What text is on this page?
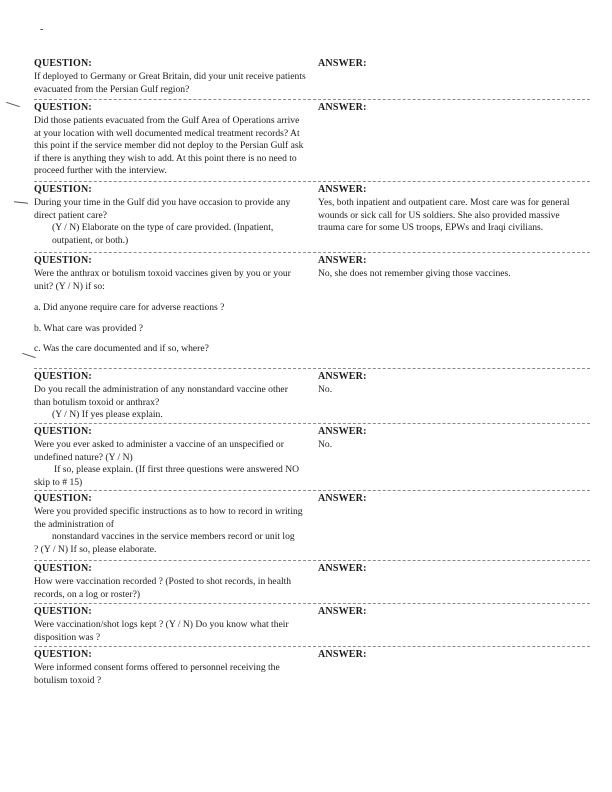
-
QUESTION:
If deployed to Germany or Great Britain, did your unit receive patients evacuated from the Persian Gulf region?
ANSWER:
QUESTION:
Did those patients evacuated from the Gulf Area of Operations arrive at your location with well documented medical treatment records? At this point if the service member did not deploy to the Persian Gulf ask if there is anything they wish to add. At this point there is no need to proceed further with the interview.
ANSWER:
QUESTION:
During your time in the Gulf did you have occasion to provide any direct patient care?
(Y / N) Elaborate on the type of care provided. (Inpatient, outpatient, or both.)
ANSWER:
Yes, both inpatient and outpatient care. Most care was for general wounds or sick call for US soldiers. She also provided massive trauma care for some US troops, EPWs and Iraqi civilians.
QUESTION:
Were the anthrax or botulism toxoid vaccines given by you or your unit? (Y / N) if so:
a. Did anyone require care for adverse reactions ?
b. What care was provided ?
c. Was the care documented and if so, where?
ANSWER:
No, she does not remember giving those vaccines.
QUESTION:
Do you recall the administration of any nonstandard vaccine other than botulism toxoid or anthrax?
(Y / N) If yes please explain.
ANSWER:
No.
QUESTION:
Were you ever asked to administer a vaccine of an unspecified or undefined nature? (Y / N)
If so, please explain. (If first three questions were answered NO skip to # 15)
ANSWER:
No.
QUESTION:
Were you provided specific instructions as to how to record in writing the administration of
nonstandard vaccines in the service members record or unit log
? (Y / N) If so, please elaborate.
ANSWER:
QUESTION:
How were vaccination recorded ? (Posted to shot records, in health records, on a log or roster?)
ANSWER:
QUESTION:
Were vaccination/shot logs kept ? (Y / N) Do you know what their disposition was ?
ANSWER:
QUESTION:
Were informed consent forms offered to personnel receiving the botulism toxoid ?
ANSWER:
